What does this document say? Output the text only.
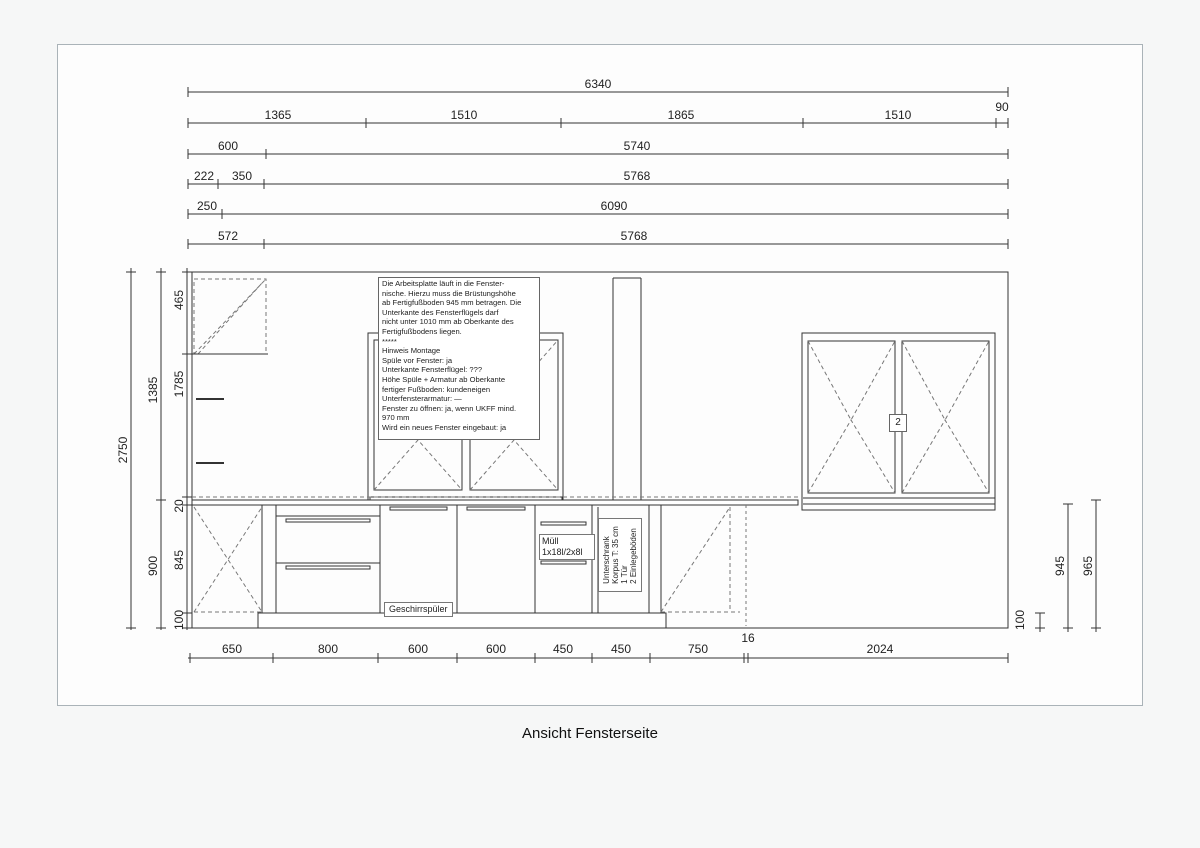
6340
1365	1510	1865	1510
90
600	5740
222 350	5768
250	6090
572	5768
650	800	600	600	450	450	750
16
2024
2750
1385
900
465
20
845
100	100
945 965
1785
Die Arbeitsplatte läuft in die Fenster-
nische. Hierzu muss die Brüstungshöhe
ab Fertigfußboden 945 mm betragen. Die
Unterkante des Fensterflügels darf
nicht unter 1010 mm ab Oberkante des
Fertigfußbodens liegen.
*****
Hinweis Montage
Spüle vor Fenster: ja
Unterkante Fensterflügel: ???
Höhe Spüle + Armatur ab Oberkante
fertiger Fußboden: kundeneigen
Unterfensterarmatur: —
Fenster zu öffnen: ja, wenn UKFF mind.
970 mm
Wird ein neues Fenster eingebaut: ja
Geschirrspüler
Müll
1x18l/2x8l	Unterschrank Korpus T: 35 cm 1 Tür 2 Einlegeböden
2
Ansicht Fensterseite
